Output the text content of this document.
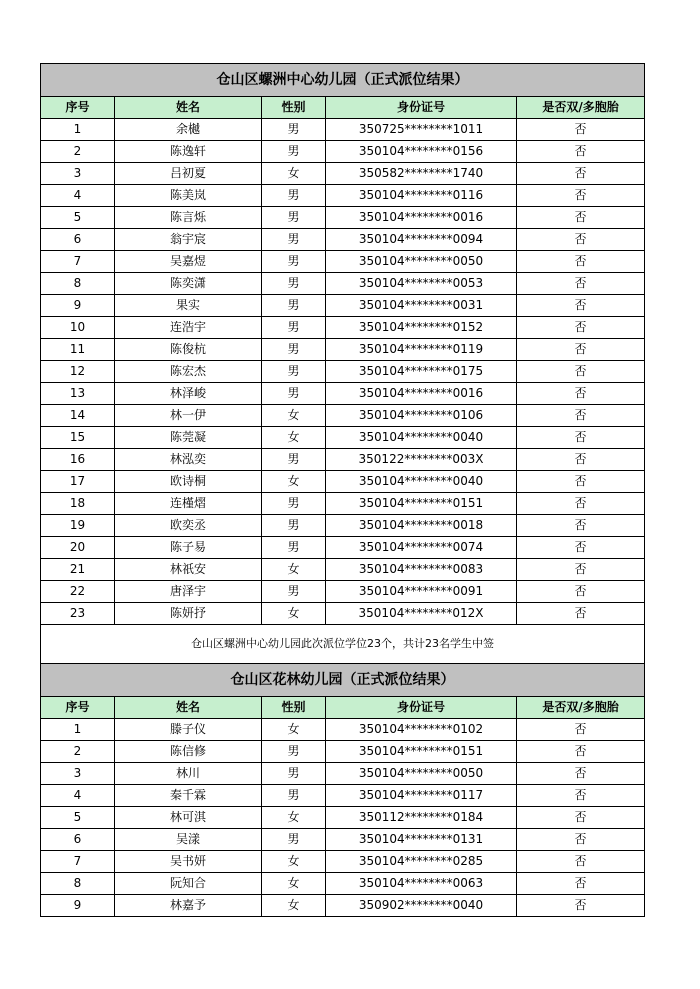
仓山区螺洲中心幼儿园（正式派位结果）				
序号	姓名	性别	身份证号	是否双/多胞胎
1	余樾	男	350725********1011	否
2	陈逸轩	男	350104********0156	否
3	吕初夏	女	350582********1740	否
4	陈美岚	男	350104********0116	否
5	陈言烁	男	350104********0016	否
6	翁宇宸	男	350104********0094	否
7	吴嘉煜	男	350104********0050	否
8	陈奕潇	男	350104********0053	否
9	果实	男	350104********0031	否
10	连浩宇	男	350104********0152	否
11	陈俊杭	男	350104********0119	否
12	陈宏杰	男	350104********0175	否
13	林泽峻	男	350104********0016	否
14	林一伊	女	350104********0106	否
15	陈莞凝	女	350104********0040	否
16	林泓奕	男	350122********003X	否
17	欧诗桐	女	350104********0040	否
18	连槿熠	男	350104********0151	否
19	欧奕丞	男	350104********0018	否
20	陈子易	男	350104********0074	否
21	林祇安	女	350104********0083	否
22	唐泽宇	男	350104********0091	否
23	陈妍抒	女	350104********012X	否
仓山区螺洲中心幼儿园此次派位学位23个，共计23名学生中签				
仓山区花林幼儿园（正式派位结果）				
序号	姓名	性别	身份证号	是否双/多胞胎
1	滕子仪	女	350104********0102	否
2	陈信修	男	350104********0151	否
3	林川	男	350104********0050	否
4	秦千霖	男	350104********0117	否
5	林可淇	女	350112********0184	否
6	吴漾	男	350104********0131	否
7	吴书妍	女	350104********0285	否
8	阮知合	女	350104********0063	否
9	林嘉予	女	350902********0040	否
